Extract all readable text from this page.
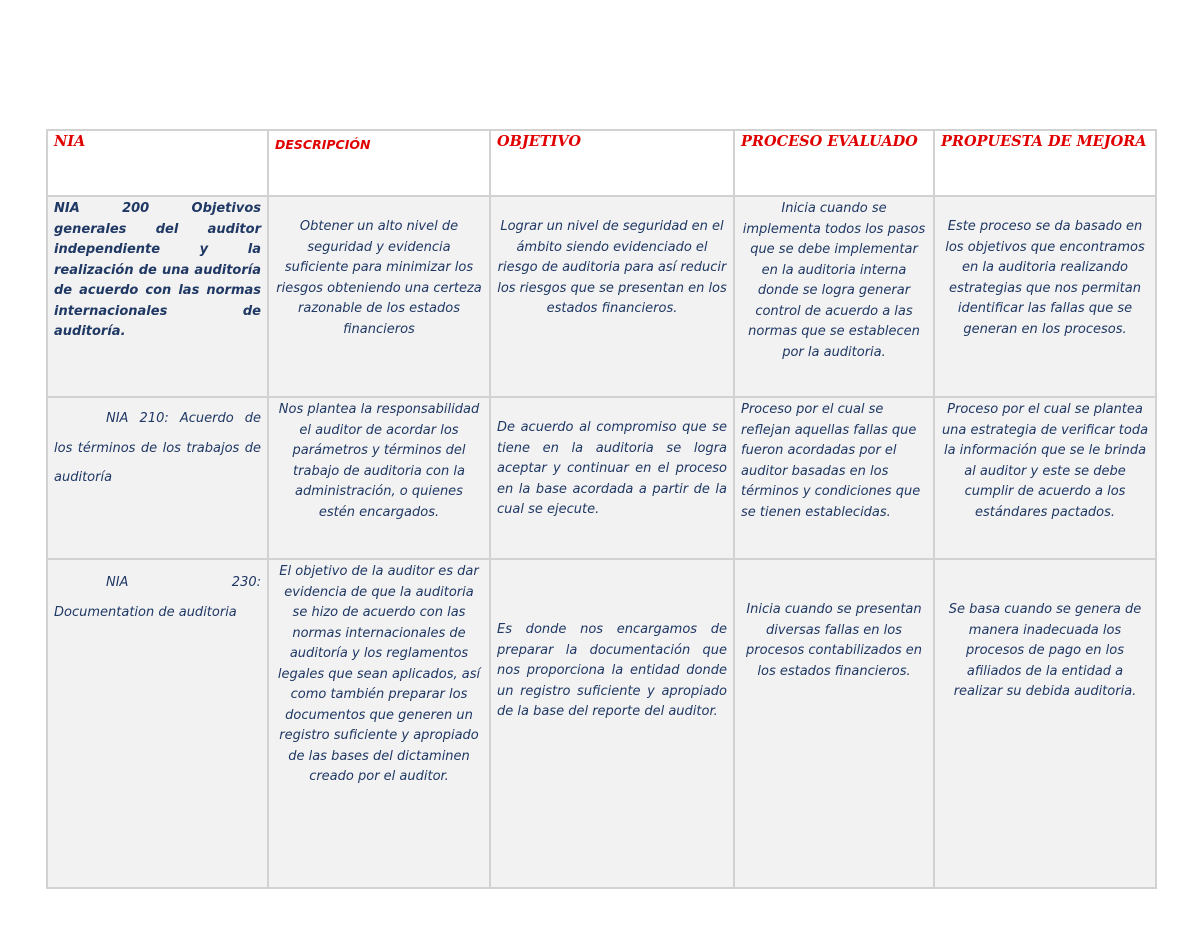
NIA	DESCRIPCIÓN	OBJETIVO	PROCESO EVALUADO	PROPUESTA DE MEJORA
NIA 200 Objetivos generales del auditor independiente y la realización de una auditoría de acuerdo con las normas internacionales de auditoría.	Obtener un alto nivel de seguridad y evidencia suficiente para minimizar los riesgos obteniendo una certeza razonable de los estados financieros	Lograr un nivel de seguridad en el ámbito siendo evidenciado el riesgo de auditoria para así reducir los riesgos que se presentan en los estados financieros.	Inicia cuando se implementa todos los pasos que se debe implementar en la auditoria interna donde se logra generar control de acuerdo a las normas que se establecen por la auditoria.	Este proceso se da basado en los objetivos que encontramos en la auditoria realizando estrategias que nos permitan identificar las fallas que se generan en los procesos.
NIA 210: Acuerdo de los términos de los trabajos de auditoría	Nos plantea la responsabilidad el auditor de acordar los parámetros y términos del trabajo de auditoria con la administración, o quienes estén encargados.	De acuerdo al compromiso que se tiene en la auditoria se logra aceptar y continuar en el proceso en la base acordada a partir de la cual se ejecute.	Proceso por el cual se reflejan aquellas fallas que fueron acordadas por el auditor basadas en los términos y condiciones que se tienen establecidas.	Proceso por el cual se plantea una estrategia de verificar toda la información que se le brinda al auditor y este se debe cumplir de acuerdo a los estándares pactados.
NIA 230: Documentation de auditoria	El objetivo de la auditor es dar evidencia de que la auditoria se hizo de acuerdo con las normas internacionales de auditoría y los reglamentos legales que sean aplicados, así como también preparar los documentos que generen un registro suficiente y apropiado de las bases del dictaminen creado por el auditor.	Es donde nos encargamos de preparar la documentación que nos proporciona la entidad donde un registro suficiente y apropiado de la base del reporte del auditor.	Inicia cuando se presentan diversas fallas en los procesos contabilizados en los estados financieros.	Se basa cuando se genera de manera inadecuada los procesos de pago en los afiliados de la entidad a realizar su debida auditoria.
